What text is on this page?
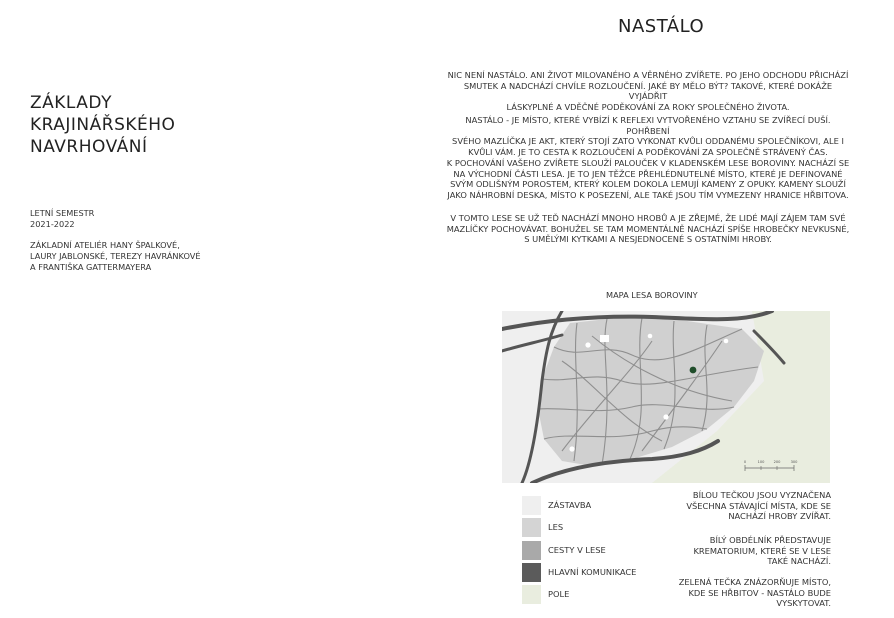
ZÁKLADY
KRAJINÁŘSKÉHO
NAVRHOVÁNÍ
LETNÍ SEMESTR
2021-2022
ZÁKLADNÍ ATELIÉR HANY ŠPALKOVÉ,
LAURY JABLONSKÉ, TEREZY HAVRÁNKOVÉ
A FRANTIŠKA GATTERMAYERA
NASTÁLO
NIC NENÍ NASTÁLO. ANI ŽIVOT MILOVANÉHO A VĚRNÉHO ZVÍŘETE. PO JEHO ODCHODU PŘICHÁZÍ
SMUTEK A NADCHÁZÍ CHVÍLE ROZLOUČENÍ. JAKÉ BY MĚLO BÝT? TAKOVÉ, KTERÉ DOKÁŽE VYJÁDŘIT
LÁSKYPLNÉ A VDĚČNÉ PODĚKOVÁNÍ ZA ROKY SPOLEČNÉHO ŽIVOTA.
NASTÁLO - JE MÍSTO, KTERÉ VYBÍZÍ K REFLEXI VYTVOŘENÉHO VZTAHU SE ZVÍŘECÍ DUŠÍ. POHŘBENÍ
SVÉHO MAZLÍČKA JE AKT, KTERÝ STOJÍ ZATO VYKONAT KVŮLI ODDANÉMU SPOLEČNÍKOVI, ALE I
KVŮLI VÁM. JE TO CESTA K ROZLOUČENÍ A PODĚKOVÁNÍ ZA SPOLEČNĚ STRÁVENÝ ČAS.
K POCHOVÁNÍ VAŠEHO ZVÍŘETE SLOUŽÍ PALOUČEK V KLADENSKÉM LESE BOROVINY. NACHÁZÍ SE
NA VÝCHODNÍ ČÁSTI LESA. JE TO JEN TĚŽCE PŘEHLÉDNUTELNÉ MÍSTO, KTERÉ JE DEFINOVANÉ
SVÝM ODLIŠNÝM POROSTEM, KTERÝ KOLEM DOKOLA LEMUJÍ KAMENY Z OPUKY. KAMENY SLOUŽÍ
JAKO NÁHROBNÍ DESKA, MÍSTO K POSEZENÍ, ALE TAKÉ JSOU TÍM VYMEZENY HRANICE HŘBITOVA.
V TOMTO LESE SE UŽ TEĎ NACHÁZÍ MNOHO HROBŮ A JE ZŘEJMÉ, ŽE LIDÉ MAJÍ ZÁJEM TAM SVÉ
MAZLÍČKY POCHOVÁVAT. BOHUŽEL SE TAM MOMENTÁLNĚ NACHÁZÍ SPÍŠE HROBEČKY NEVKUSNÉ,
S UMĚLÝMI KYTKAMI A NESJEDNOCENÉ S OSTATNÍMI HROBY.
MAPA LESA BOROVINY
0	100	200	300
ZÁSTAVBA
LES
CESTY V LESE
HLAVNÍ KOMUNIKACE
POLE
BÍLOU TEČKOU JSOU VYZNAČENA
VŠECHNA STÁVAJÍCÍ MÍSTA, KDE SE
NACHÁZÍ HROBY ZVÍŘAT.
BÍLÝ OBDÉLNÍK PŘEDSTAVUJE
KREMATORIUM, KTERÉ SE V LESE
TAKÉ NACHÁZÍ.
ZELENÁ TEČKA ZNÁZORŇUJE MÍSTO,
KDE SE HŘBITOV - NASTÁLO BUDE
VYSKYTOVAT.
